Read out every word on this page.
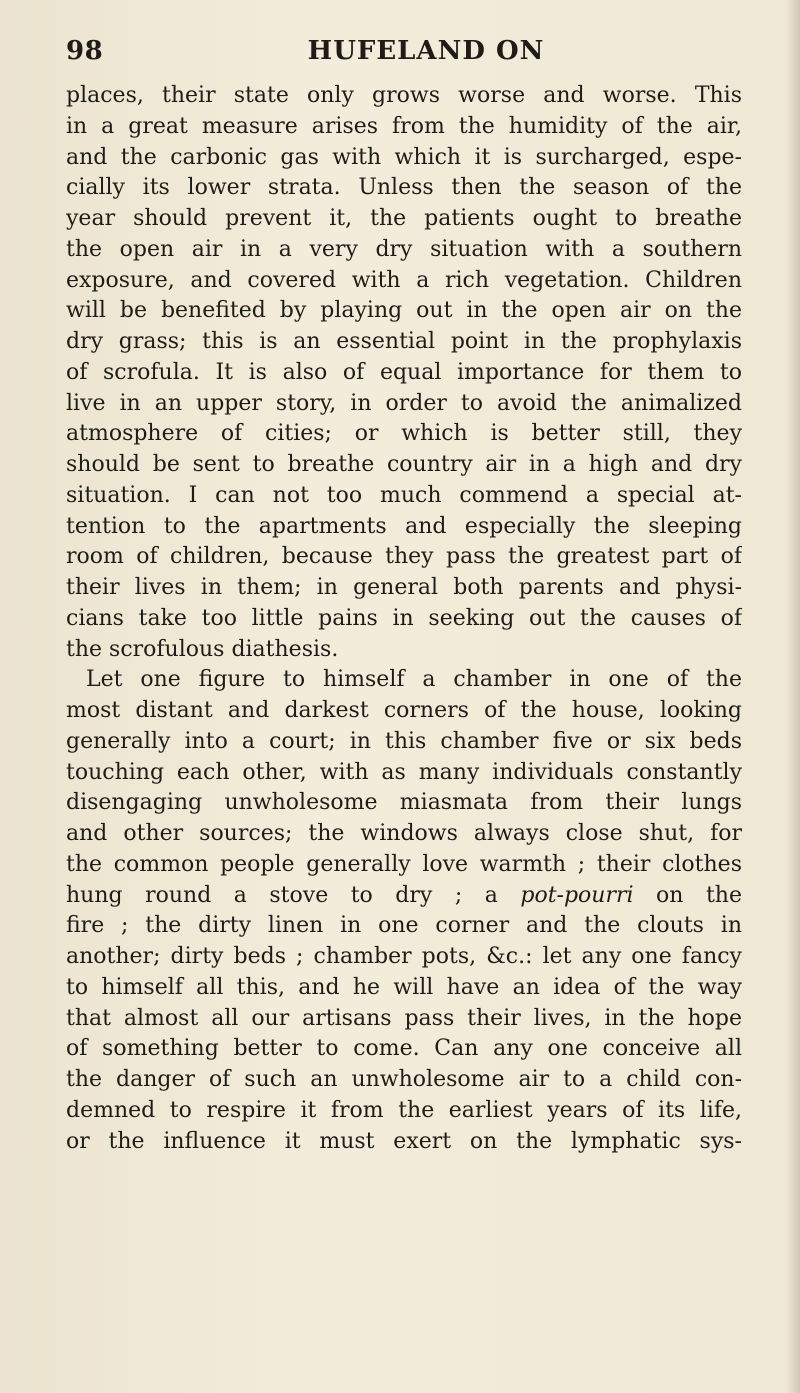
98	HUFELAND ON
places, their state only grows worse and worse. This
in a great measure arises from the humidity of the air,
and the carbonic gas with which it is surcharged, espe-
cially its lower strata. Unless then the season of the
year should prevent it, the patients ought to breathe
the open air in a very dry situation with a southern
exposure, and covered with a rich vegetation. Children
will be benefited by playing out in the open air on the
dry grass; this is an essential point in the prophylaxis
of scrofula. It is also of equal importance for them to
live in an upper story, in order to avoid the animalized
atmosphere of cities; or which is better still, they
should be sent to breathe country air in a high and dry
situation. I can not too much commend a special at-
tention to the apartments and especially the sleeping
room of children, because they pass the greatest part of
their lives in them; in general both parents and physi-
cians take too little pains in seeking out the causes of
the scrofulous diathesis.
Let one figure to himself a chamber in one of the
most distant and darkest corners of the house, looking
generally into a court; in this chamber five or six beds
touching each other, with as many individuals constantly
disengaging unwholesome miasmata from their lungs
and other sources; the windows always close shut, for
the common people generally love warmth ; their clothes
hung round a stove to dry ; a pot-pourri on the
fire ; the dirty linen in one corner and the clouts in
another; dirty beds ; chamber pots, &c.: let any one fancy
to himself all this, and he will have an idea of the way
that almost all our artisans pass their lives, in the hope
of something better to come. Can any one conceive all
the danger of such an unwholesome air to a child con-
demned to respire it from the earliest years of its life,
or the influence it must exert on the lymphatic sys-
